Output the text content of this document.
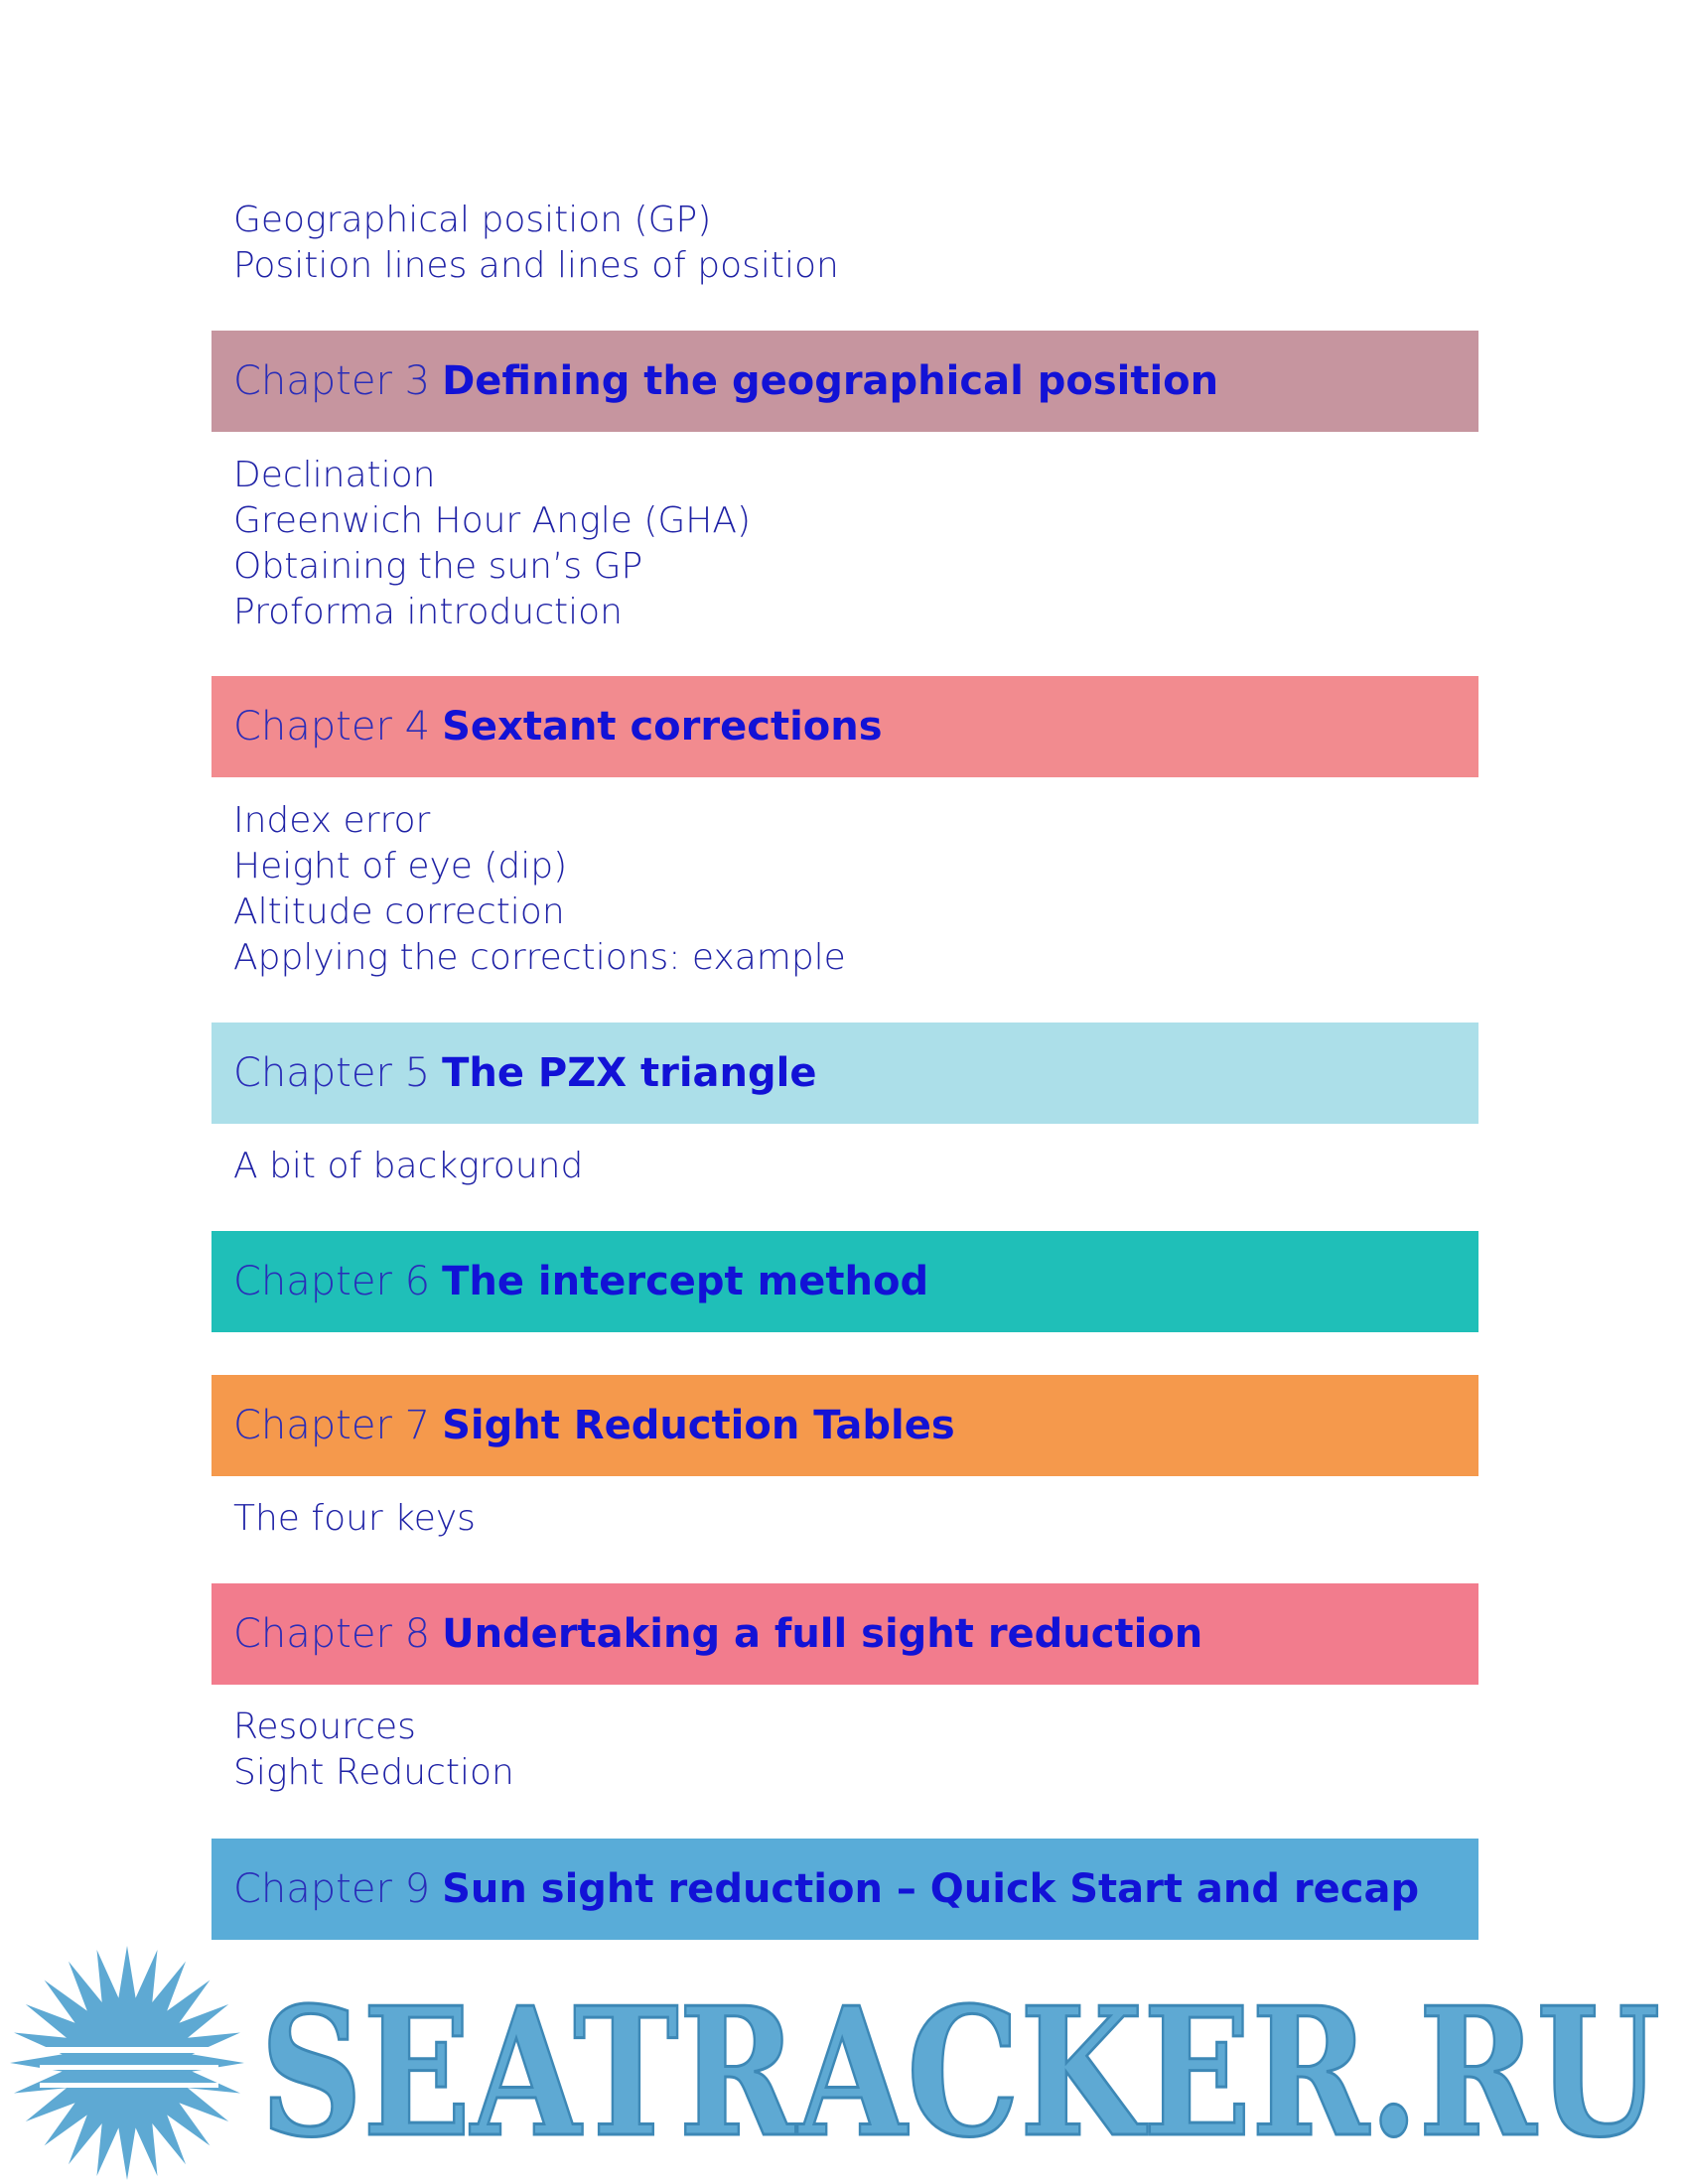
Geographical position (GP)
Position lines and lines of position
Chapter 3 Defining the geographical position
Declination
Greenwich Hour Angle (GHA)
Obtaining the sun’s GP
Proforma introduction
Chapter 4 Sextant corrections
Index error
Height of eye (dip)
Altitude correction
Applying the corrections: example
Chapter 5 The PZX triangle
A bit of background
Chapter 6 The intercept method
Chapter 7 Sight Reduction Tables
The four keys
Chapter 8 Undertaking a full sight reduction
Resources
Sight Reduction
Chapter 9 Sun sight reduction – Quick Start and recap
SEATRACKER.RU
